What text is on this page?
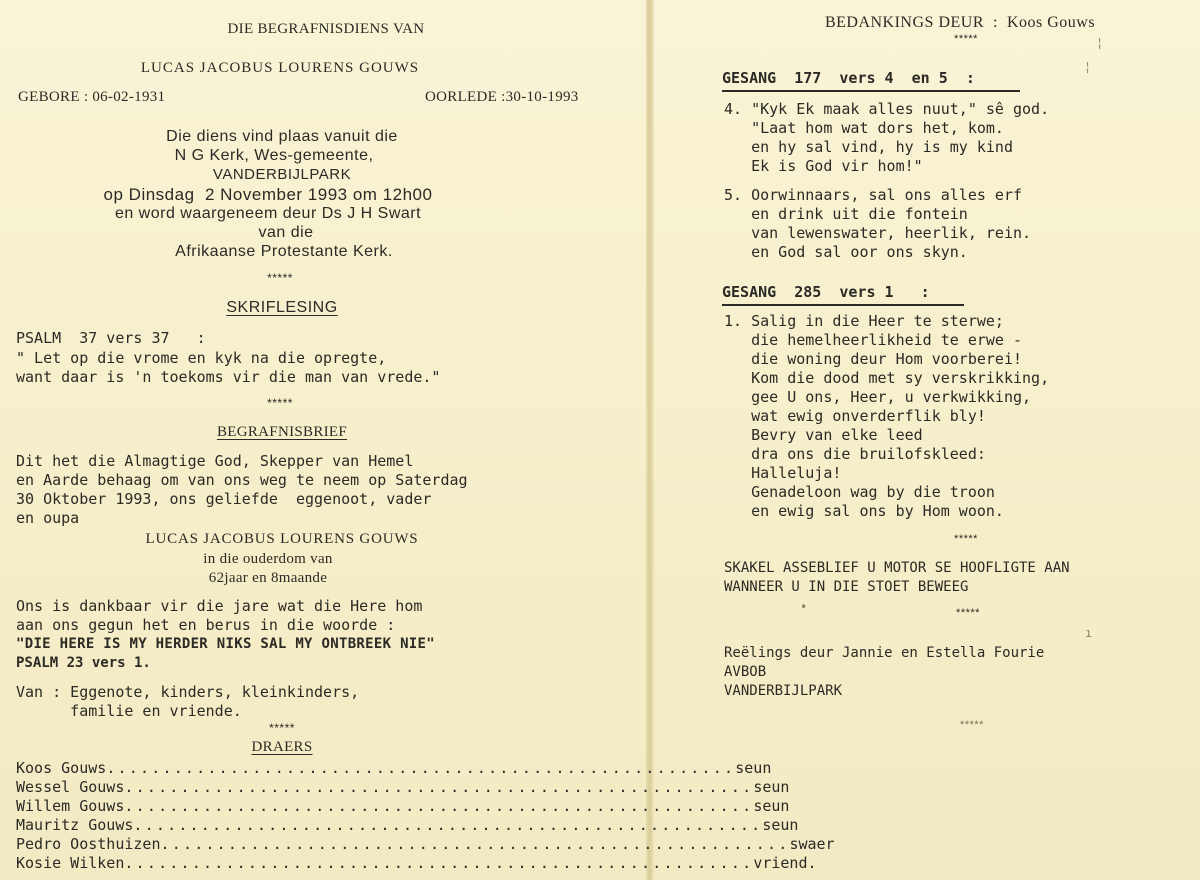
DIE BEGRAFNISDIENS VAN
LUCAS JACOBUS LOURENS GOUWS
GEBORE : 06-02-1931	OORLEDE :30-10-1993
Die diens vind plaas vanuit die
N G Kerk, Wes-gemeente,
VANDERBIJLPARK
op Dinsdag  2 November 1993 om 12h00
en word waargeneem deur Ds J H Swart
van die
Afrikaanse Protestante Kerk.
*****
SKRIFLESING
PSALM  37 vers 37   :
" Let op die vrome en kyk na die opregte,
want daar is 'n toekoms vir die man van vrede."
*****
BEGRAFNISBRIEF
Dit het die Almagtige God, Skepper van Hemel
en Aarde behaag om van ons weg te neem op Saterdag
30 Oktober 1993, ons geliefde  eggenoot, vader
en oupa
LUCAS JACOBUS LOURENS GOUWS
in die ouderdom van
62jaar en 8maande
Ons is dankbaar vir die jare wat die Here hom
aan ons gegun het en berus in die woorde :
"DIE HERE IS MY HERDER NIKS SAL MY ONTBREEK NIE"
PSALM 23 vers 1.
Van : Eggenote, kinders, kleinkinders,
familie en vriende.
*****
DRAERS
Koos Gouws ........................................................ seun
Wessel Gouws ........................................................ seun
Willem Gouws ........................................................ seun
Mauritz Gouws ........................................................ seun
Pedro Oosthuizen ........................................................ swaer
Kosie Wilken ........................................................ vriend.
BEDANKINGS DEUR  :  Koos Gouws
*****
GESANG  177  vers 4  en 5  :
4. "Kyk Ek maak alles nuut," sê god.
"Laat hom wat dors het, kom.
en hy sal vind, hy is my kind
Ek is God vir hom!"
5. Oorwinnaars, sal ons alles erf
en drink uit die fontein
van lewenswater, heerlik, rein.
en God sal oor ons skyn.
GESANG  285  vers 1   :
1. Salig in die Heer te sterwe;
die hemelheerlikheid te erwe -
die woning deur Hom voorberei!
Kom die dood met sy verskrikking,
gee U ons, Heer, u verkwikking,
wat ewig onverderflik bly!
Bevry van elke leed
dra ons die bruilofskleed:
Halleluja!
Genadeloon wag by die troon
en ewig sal ons by Hom woon.
*****
SKAKEL ASSEBLIEF U MOTOR SE HOOFLIGTE AAN
WANNEER U IN DIE STOET BEWEEG
*****
Reëlings deur Jannie en Estella Fourie
AVBOB
VANDERBIJLPARK
*****
¦
¦
•
ı
